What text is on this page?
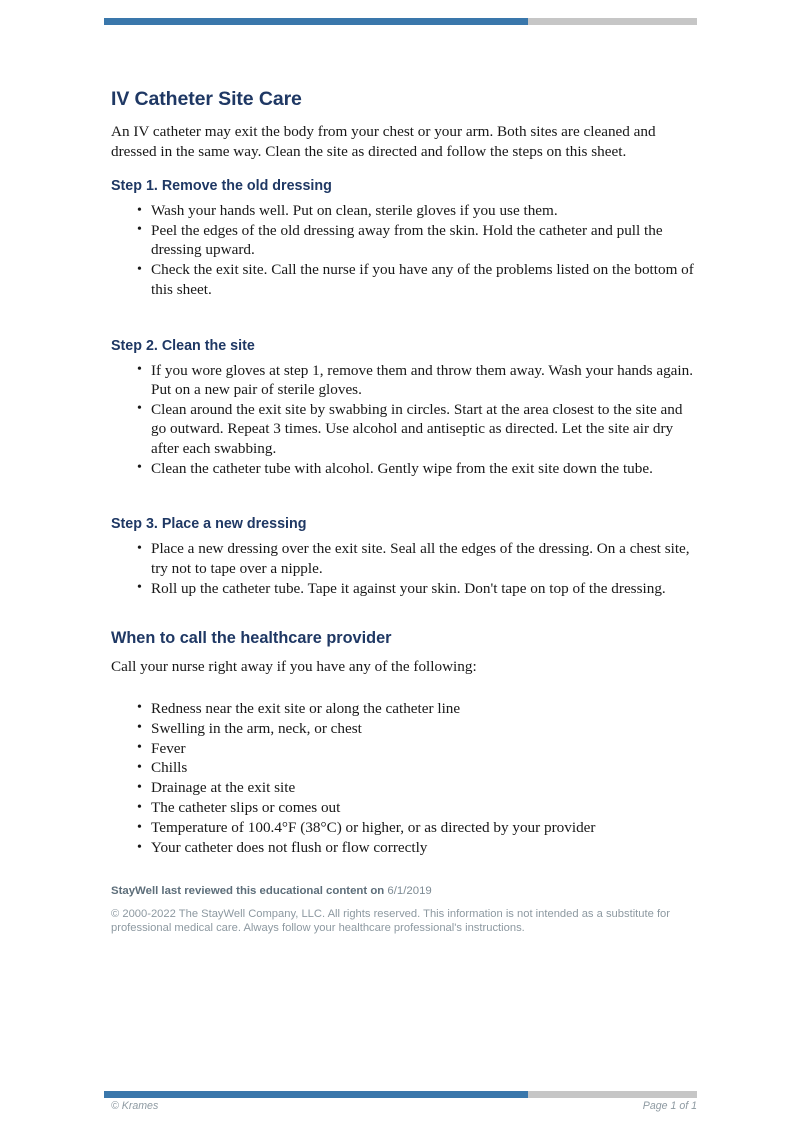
IV Catheter Site Care

An IV catheter may exit the body from your chest or your arm. Both sites are cleaned and dressed in the same way. Clean the site as directed and follow the steps on this sheet.

Step 1. Remove the old dressing
• Wash your hands well. Put on clean, sterile gloves if you use them.
• Peel the edges of the old dressing away from the skin. Hold the catheter and pull the dressing upward.
• Check the exit site. Call the nurse if you have any of the problems listed on the bottom of this sheet.
Step 2. Clean the site
• If you wore gloves at step 1, remove them and throw them away. Wash your hands again. Put on a new pair of sterile gloves.
• Clean around the exit site by swabbing in circles. Start at the area closest to the site and go outward. Repeat 3 times. Use alcohol and antiseptic as directed. Let the site air dry after each swabbing.
• Clean the catheter tube with alcohol. Gently wipe from the exit site down the tube.
Step 3. Place a new dressing
• Place a new dressing over the exit site. Seal all the edges of the dressing. On a chest site, try not to tape over a nipple.
• Roll up the catheter tube. Tape it against your skin. Don't tape on top of the dressing.
When to call the healthcare provider

Call your nurse right away if you have any of the following:

• Redness near the exit site or along the catheter line
• Swelling in the arm, neck, or chest
• Fever
• Chills
• Drainage at the exit site
• The catheter slips or comes out
• Temperature of 100.4°F (38°C) or higher, or as directed by your provider
• Your catheter does not flush or flow correctly

StayWell last reviewed this educational content on 6/1/2019

© 2000-2022 The StayWell Company, LLC. All rights reserved. This information is not intended as a substitute for professional medical care. Always follow your healthcare professional's instructions.

© Krames	Page 1 of 1
